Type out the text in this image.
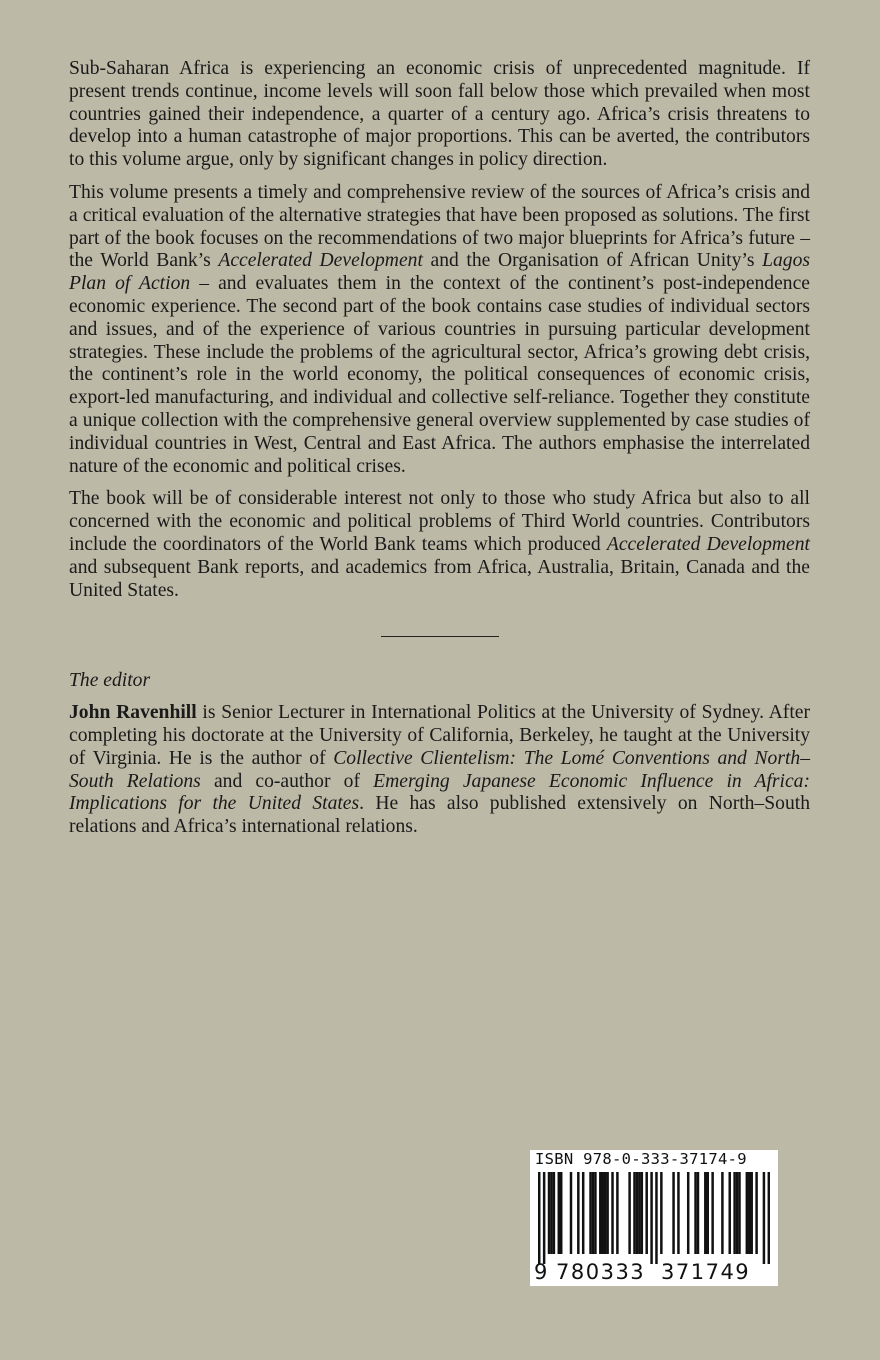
Sub-Saharan Africa is experiencing an economic crisis of unprecedented magnitude. If present trends continue, income levels will soon fall below those which prevailed when most countries gained their independence, a quarter of a century ago. Africa’s crisis threatens to develop into a human catastrophe of major proportions. This can be averted, the contributors to this volume argue, only by significant changes in policy direction.

This volume presents a timely and comprehensive review of the sources of Africa’s crisis and a critical evaluation of the alternative strategies that have been proposed as solutions. The first part of the book focuses on the recommendations of two major blueprints for Africa’s future – the World Bank’s Accelerated Development and the Organisation of African Unity’s Lagos Plan of Action – and evaluates them in the context of the continent’s post-independence economic experience. The second part of the book contains case studies of individual sectors and issues, and of the experience of various countries in pursuing particular development strategies. These include the problems of the agricultural sector, Africa’s growing debt crisis, the continent’s role in the world economy, the political consequences of economic crisis, export-led manufacturing, and individual and collective self-reliance. Together they constitute a unique collection with the comprehensive general overview supplemented by case studies of individual countries in West, Central and East Africa. The authors emphasise the interrelated nature of the economic and political crises.

The book will be of considerable interest not only to those who study Africa but also to all concerned with the economic and political problems of Third World countries. Contributors include the coordinators of the World Bank teams which produced Accelerated Development and subsequent Bank reports, and academics from Africa, Australia, Britain, Canada and the United States.

The editor

John Ravenhill is Senior Lecturer in International Politics at the University of Sydney. After completing his doctorate at the University of California, Berkeley, he taught at the University of Virginia. He is the author of Collective Clientelism: The Lomé Conventions and North–South Relations and co-author of Emerging Japanese Economic Influence in Africa: Implications for the United States. He has also published extensively on North–South relations and Africa’s international relations.

ISBN 978-0-333-37174-9
9 780333 371749
